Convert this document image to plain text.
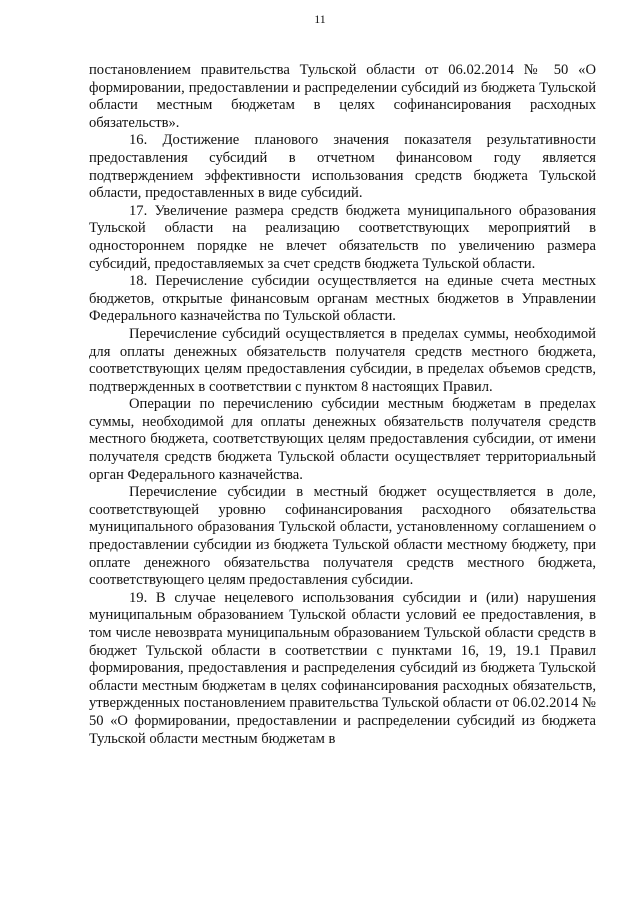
11

постановлением правительства Тульской области от 06.02.2014 № 50 «О формировании, предоставлении и распределении субсидий из бюджета Тульской области местным бюджетам в целях софинансирования расходных обязательств».

16. Достижение планового значения показателя результативности предоставления субсидий в отчетном финансовом году является подтверждением эффективности использования средств бюджета Тульской области, предоставленных в виде субсидий.

17. Увеличение размера средств бюджета муниципального образования Тульской области на реализацию соответствующих мероприятий в одностороннем порядке не влечет обязательств по увеличению размера субсидий, предоставляемых за счет средств бюджета Тульской области.

18. Перечисление субсидии осуществляется на единые счета местных бюджетов, открытые финансовым органам местных бюджетов в Управлении Федерального казначейства по Тульской области.

Перечисление субсидий осуществляется в пределах суммы, необходимой для оплаты денежных обязательств получателя средств местного бюджета, соответствующих целям предоставления субсидии, в пределах объемов средств, подтвержденных в соответствии с пунктом 8 настоящих Правил.

Операции по перечислению субсидии местным бюджетам в пределах суммы, необходимой для оплаты денежных обязательств получателя средств местного бюджета, соответствующих целям предоставления субсидии, от имени получателя средств бюджета Тульской области осуществляет территориальный орган Федерального казначейства.

Перечисление субсидии в местный бюджет осуществляется в доле, соответствующей уровню софинансирования расходного обязательства муниципального образования Тульской области, установленному соглашением о предоставлении субсидии из бюджета Тульской области местному бюджету, при оплате денежного обязательства получателя средств местного бюджета, соответствующего целям предоставления субсидии.

19. В случае нецелевого использования субсидии и (или) нарушения муниципальным образованием Тульской области условий ее предоставления, в том числе невозврата муниципальным образованием Тульской области средств в бюджет Тульской области в соответствии с пунктами 16, 19, 19.1 Правил формирования, предоставления и распределения субсидий из бюджета Тульской области местным бюджетам в целях софинансирования расходных обязательств, утвержденных постановлением правительства Тульской области от 06.02.2014 № 50 «О формировании, предоставлении и распределении субсидий из бюджета Тульской области местным бюджетам в
